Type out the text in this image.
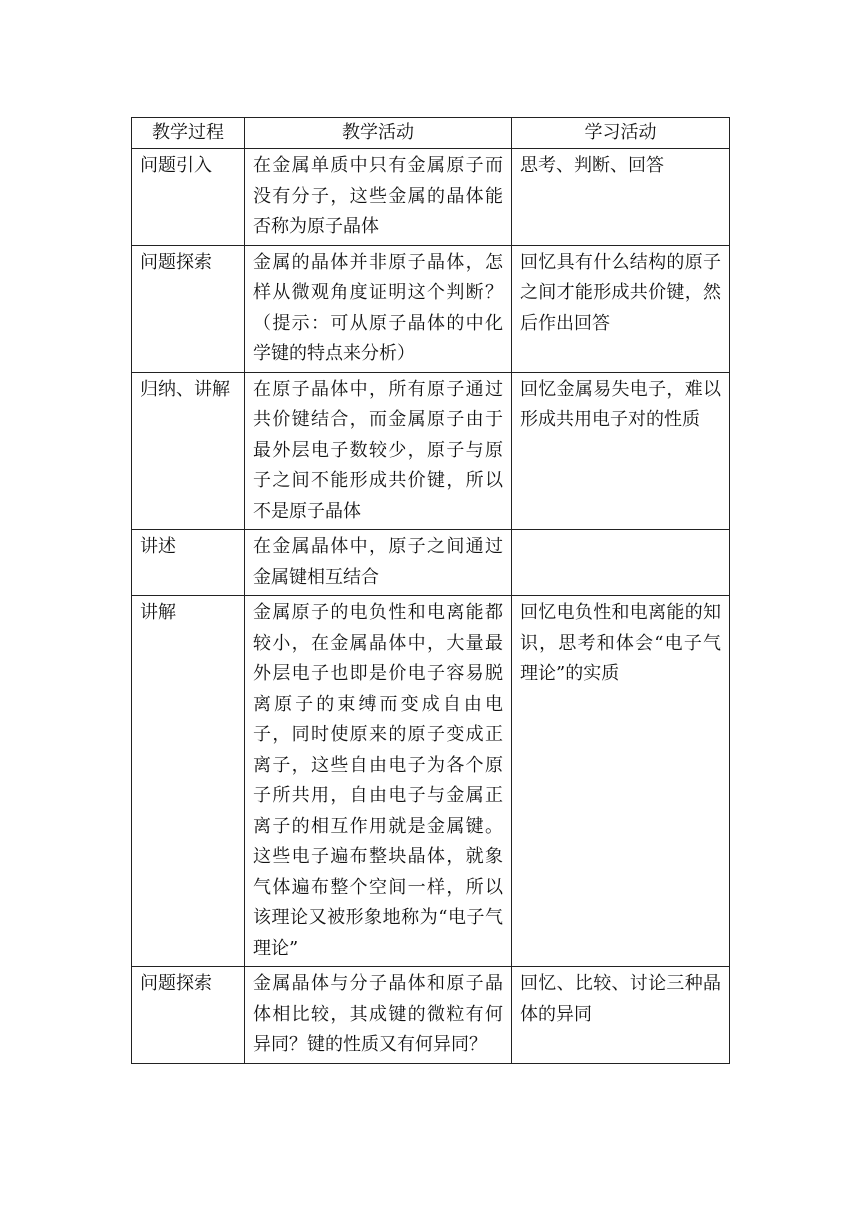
教学过程	教学活动	学习活动
问题引入	在金属单质中只有金属原子而没有分子，这些金属的晶体能否称为原子晶体	思考、判断、回答
问题探索	金属的晶体并非原子晶体，怎样从微观角度证明这个判断？（提示：可从原子晶体的中化学键的特点来分析）	回忆具有什么结构的原子之间才能形成共价键，然后作出回答
归纳、讲解	在原子晶体中，所有原子通过共价键结合，而金属原子由于最外层电子数较少，原子与原子之间不能形成共价键，所以不是原子晶体	回忆金属易失电子，难以形成共用电子对的性质
讲述	在金属晶体中，原子之间通过金属键相互结合	
讲解	金属原子的电负性和电离能都较小，在金属晶体中，大量最外层电子也即是价电子容易脱离原子的束缚而变成自由电子，同时使原来的原子变成正离子，这些自由电子为各个原子所共用，自由电子与金属正离子的相互作用就是金属键。这些电子遍布整块晶体，就象气体遍布整个空间一样，所以该理论又被形象地称为“电子气理论”	回忆电负性和电离能的知识，思考和体会“电子气理论”的实质
问题探索	金属晶体与分子晶体和原子晶体相比较，其成键的微粒有何异同？键的性质又有何异同？	回忆、比较、讨论三种晶体的异同
